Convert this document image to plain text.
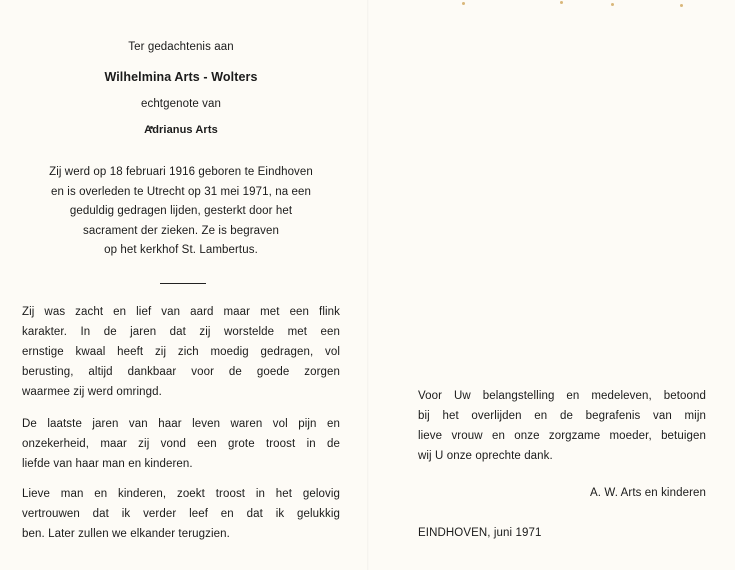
Ter gedachtenis aan
Wilhelmina Arts - Wolters
echtgenote van
Adrianus Arts
Zij werd op 18 februari 1916 geboren te Eindhoven
en is overleden te Utrecht op 31 mei 1971, na een
geduldig gedragen lijden, gesterkt door het
sacrament der zieken. Ze is begraven
op het kerkhof St. Lambertus.
Zij was zacht en lief van aard maar met een flink
karakter. In de jaren dat zij worstelde met een
ernstige kwaal heeft zij zich moedig gedragen, vol
berusting, altijd dankbaar voor de goede zorgen
waarmee zij werd omringd.
De laatste jaren van haar leven waren vol pijn en
onzekerheid, maar zij vond een grote troost in de
liefde van haar man en kinderen.
Lieve man en kinderen, zoekt troost in het gelovig
vertrouwen dat ik verder leef en dat ik gelukkig
ben. Later zullen we elkander terugzien.
Voor Uw belangstelling en medeleven, betoond
bij het overlijden en de begrafenis van mijn
lieve vrouw en onze zorgzame moeder, betuigen
wij U onze oprechte dank.
A. W. Arts en kinderen
EINDHOVEN, juni 1971
